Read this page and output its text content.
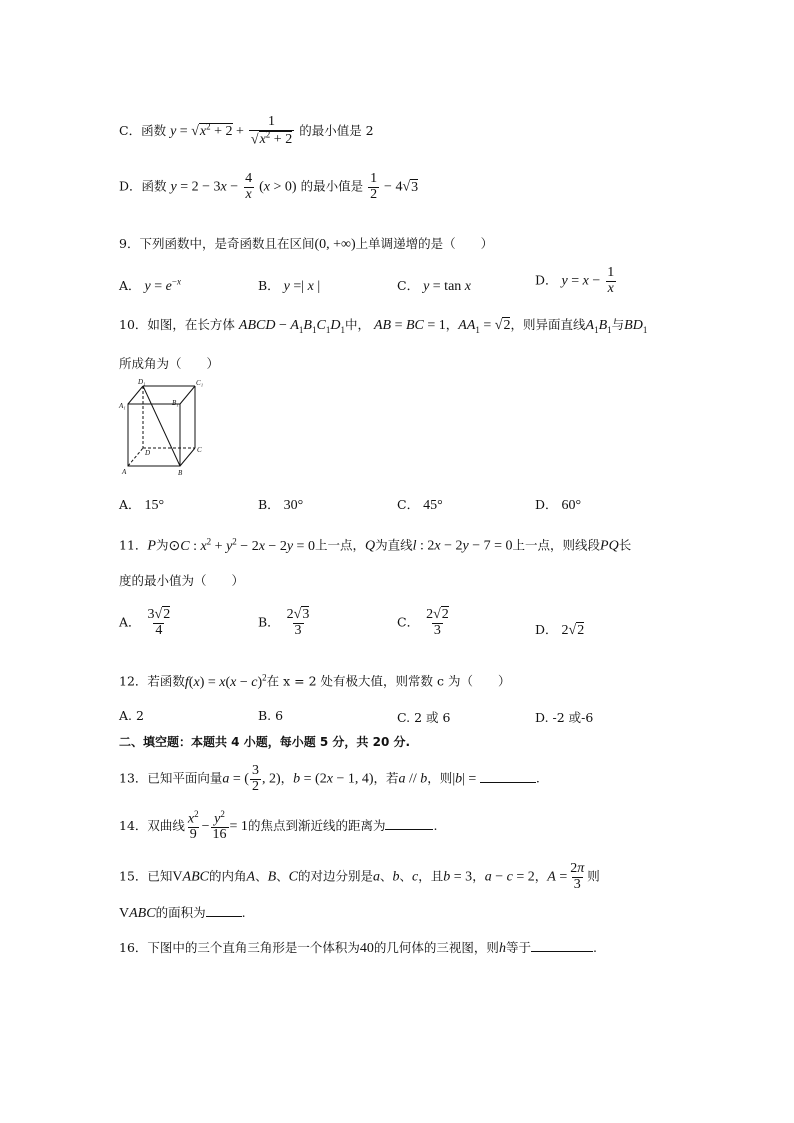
C．函数 $y = √x^2 + 2 + \frac{1}{√x^2 + 2}$ 的最小值是 2
D．函数 $y = 2 - 3x - \frac{4}{x} (x > 0)$ 的最小值是 $\frac{1}{2} - 4√3$
9．下列函数中，是奇函数且在区间(0, +∞)上单调递增的是（　　）
A． $y = e^{-x}$	B． y =| x |	C． y = tan x	D． $y = x - \frac{1}{x}$
10．如图，在长方体 ABCD − $A_1B_1C_1D_1$中， AB = BC = 1，$AA_1 = √2$，则异面直线$A_1B_1$与$BD_1$
所成角为（　　）
D₁	C₁
A₁	B₁
D	C
A	B
A． 15°	B． 30°	C． 45°	D． 60°
11．P为⊙C : $x^2 + y^2 - 2x - 2y = 0$上一点，Q为直线l : 2x − 2y − 7 = 0上一点，则线段PQ长
度的最小值为（　　）
A． $\frac{3√2}{4}$	B． $\frac{2√3}{3}$	C． $\frac{2√2}{3}$	D． 2√2
12．若函数$f(x) = x(x - c)^2$在 x = 2 处有极大值，则常数 c 为（　　）
A. 2	B. 6	C. 2 或 6	D. -2 或-6
二、填空题：本题共 4 小题，每小题 5 分，共 20 分.
13．已知平面向量a = ( $\frac{3}{2}$ , 2)，b = (2x − 1, 4)，若a // b，则|b| =	.
14．双曲线 $\frac{x^2}{9} - \frac{y^2}{16} = 1$的焦点到渐近线的距离为	.
15．已知VABC的内角A、B、C的对边分别是a、b、c，且b = 3，a − c = 2，$A = \frac{2\pi}{3}$ 则
VABC的面积为	.
16．下图中的三个直角三角形是一个体积为40的几何体的三视图，则h等于	.
